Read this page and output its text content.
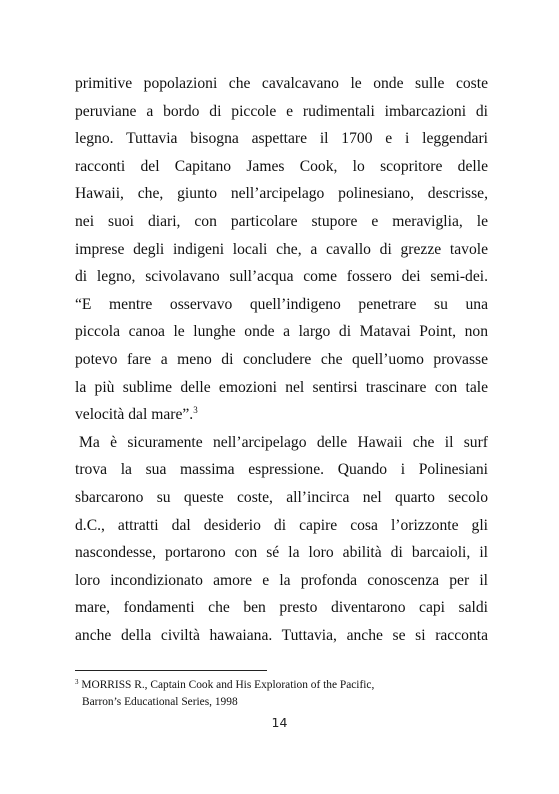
primitive popolazioni che cavalcavano le onde sulle coste
peruviane a bordo di piccole e rudimentali imbarcazioni di
legno. Tuttavia bisogna aspettare il 1700 e i leggendari
racconti del Capitano James Cook, lo scopritore delle
Hawaii, che, giunto nell’arcipelago polinesiano, descrisse,
nei suoi diari, con particolare stupore e meraviglia, le
imprese degli indigeni locali che, a cavallo di grezze tavole
di legno, scivolavano sull’acqua come fossero dei semi-dei.
“E mentre osservavo quell’indigeno penetrare su una
piccola canoa le lunghe onde a largo di Matavai Point, non
potevo fare a meno di concludere che quell’uomo provasse
la più sublime delle emozioni nel sentirsi trascinare con tale
velocità dal mare”.$^3$
Ma è sicuramente nell’arcipelago delle Hawaii che il surf
trova la sua massima espressione. Quando i Polinesiani
sbarcarono su queste coste, all’incirca nel quarto secolo
d.C., attratti dal desiderio di capire cosa l’orizzonte gli
nascondesse, portarono con sé la loro abilità di barcaioli, il
loro incondizionato amore e la profonda conoscenza per il
mare, fondamenti che ben presto diventarono capi saldi
anche della civiltà hawaiana. Tuttavia, anche se si racconta
$^3$ MORRISS R., Captain Cook and His Exploration of the Pacific,
Barron’s Educational Series, 1998
14
